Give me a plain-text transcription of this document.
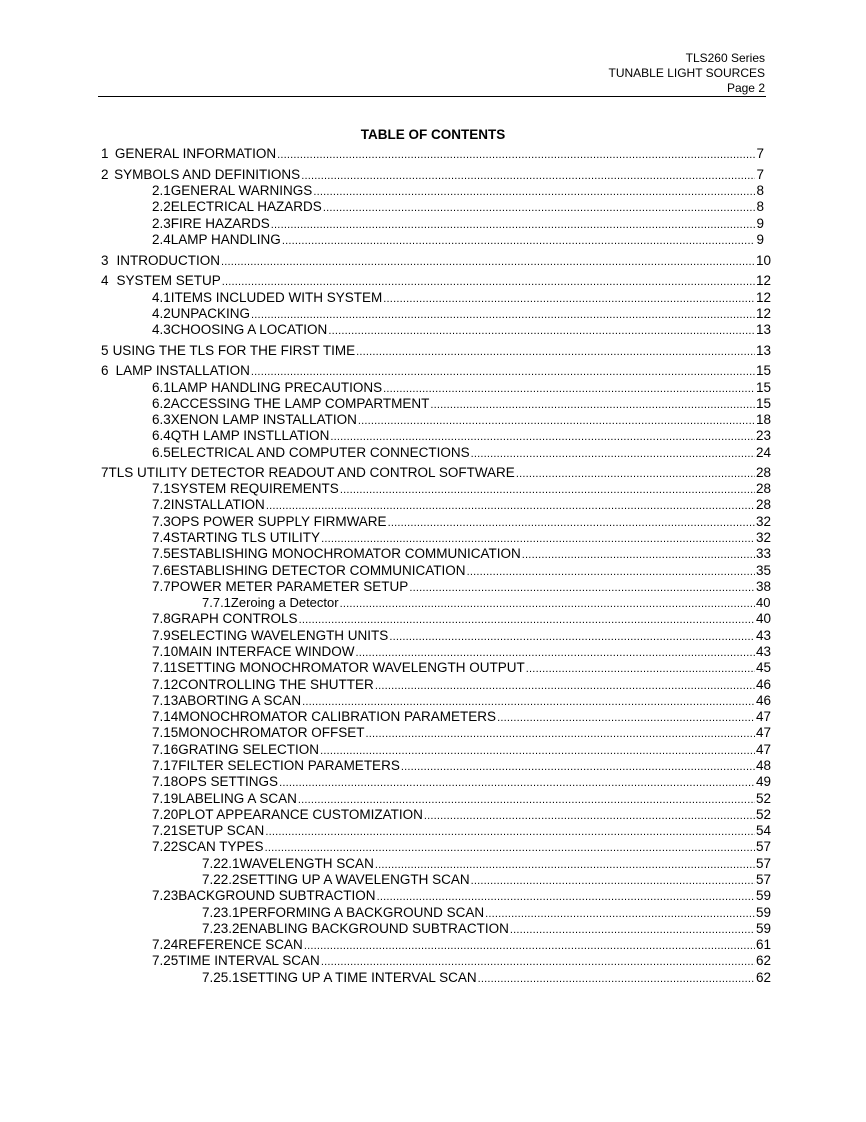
TLS260 Series
TUNABLE LIGHT SOURCES
Page 2
TABLE OF CONTENTS
1 GENERAL INFORMATION .....	7
2 SYMBOLS AND DEFINITIONS .....	7
2.1 GENERAL WARNINGS .....	8
2.2 ELECTRICAL HAZARDS .....	8
2.3 FIRE HAZARDS .....	9
2.4 LAMP HANDLING .....	9
3 INTRODUCTION .....	10
4 SYSTEM SETUP .....	12
4.1 ITEMS INCLUDED WITH SYSTEM .....	12
4.2 UNPACKING .....	12
4.3 CHOOSING A LOCATION .....	13
5 USING THE TLS FOR THE FIRST TIME .....	13
6 LAMP INSTALLATION .....	15
6.1 LAMP HANDLING PRECAUTIONS .....	15
6.2 ACCESSING THE LAMP COMPARTMENT .....	15
6.3 XENON LAMP INSTALLATION .....	18
6.4 QTH LAMP INSTLLATION .....	23
6.5 ELECTRICAL AND COMPUTER CONNECTIONS .....	24
7 TLS UTILITY DETECTOR READOUT AND CONTROL SOFTWARE .....	28
7.1 SYSTEM REQUIREMENTS .....	28
7.2 INSTALLATION .....	28
7.3 OPS POWER SUPPLY FIRMWARE .....	32
7.4 STARTING TLS UTILITY .....	32
7.5 ESTABLISHING MONOCHROMATOR COMMUNICATION .....	33
7.6 ESTABLISHING DETECTOR COMMUNICATION .....	35
7.7 POWER METER PARAMETER SETUP .....	38
7.7.1 Zeroing a Detector .....	40
7.8 GRAPH CONTROLS .....	40
7.9 SELECTING WAVELENGTH UNITS .....	43
7.10 MAIN INTERFACE WINDOW .....	43
7.11 SETTING MONOCHROMATOR WAVELENGTH OUTPUT .....	45
7.12 CONTROLLING THE SHUTTER .....	46
7.13 ABORTING A SCAN .....	46
7.14 MONOCHROMATOR CALIBRATION PARAMETERS .....	47
7.15 MONOCHROMATOR OFFSET .....	47
7.16 GRATING SELECTION .....	47
7.17 FILTER SELECTION PARAMETERS .....	48
7.18 OPS SETTINGS .....	49
7.19 LABELING A SCAN .....	52
7.20 PLOT APPEARANCE CUSTOMIZATION .....	52
7.21 SETUP SCAN .....	54
7.22 SCAN TYPES .....	57
7.22.1 WAVELENGTH SCAN .....	57
7.22.2 SETTING UP A WAVELENGTH SCAN .....	57
7.23 BACKGROUND SUBTRACTION .....	59
7.23.1 PERFORMING A BACKGROUND SCAN .....	59
7.23.2 ENABLING BACKGROUND SUBTRACTION .....	59
7.24 REFERENCE SCAN .....	61
7.25 TIME INTERVAL SCAN .....	62
7.25.1 SETTING UP A TIME INTERVAL SCAN .....	62
